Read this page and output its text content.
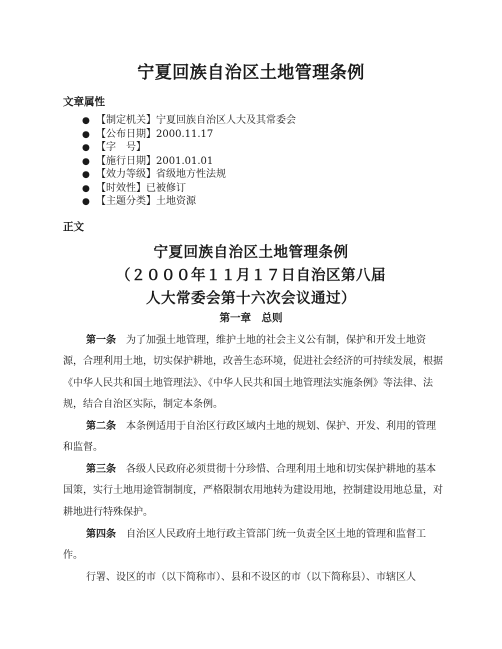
宁夏回族自治区土地管理条例
文章属性
● 【制定机关】宁夏回族自治区人大及其常委会
● 【公布日期】2000.11.17
● 【字　号】
● 【施行日期】2001.01.01
● 【效力等级】省级地方性法规
● 【时效性】已被修订
● 【主题分类】土地资源
正文
宁夏回族自治区土地管理条例
（２０００年１１月１７日自治区第八届
第一章　总则

第一条 为了加强土地管理，维护土地的社会主义公有制，保护和开发土地资源，合理利用土地，切实保护耕地，改善生态环境，促进社会经济的可持续发展，根据《中华人民共和国土地管理法》、《中华人民共和国土地管理法实施条例》等法律、法规，结合自治区实际，制定本条例。

第二条 本条例适用于自治区行政区域内土地的规划、保护、开发、利用的管理和监督。

第三条 各级人民政府必须贯彻十分珍惜、合理利用土地和切实保护耕地的基本国策，实行土地用途管制制度，严格限制农用地转为建设用地，控制建设用地总量，对耕地进行特殊保护。

第四条 自治区人民政府土地行政主管部门统一负责全区土地的管理和监督工作。

行署、设区的市（以下简称市）、县和不设区的市（以下简称县）、市辖区人

人大常委会第十六次会议通过）
